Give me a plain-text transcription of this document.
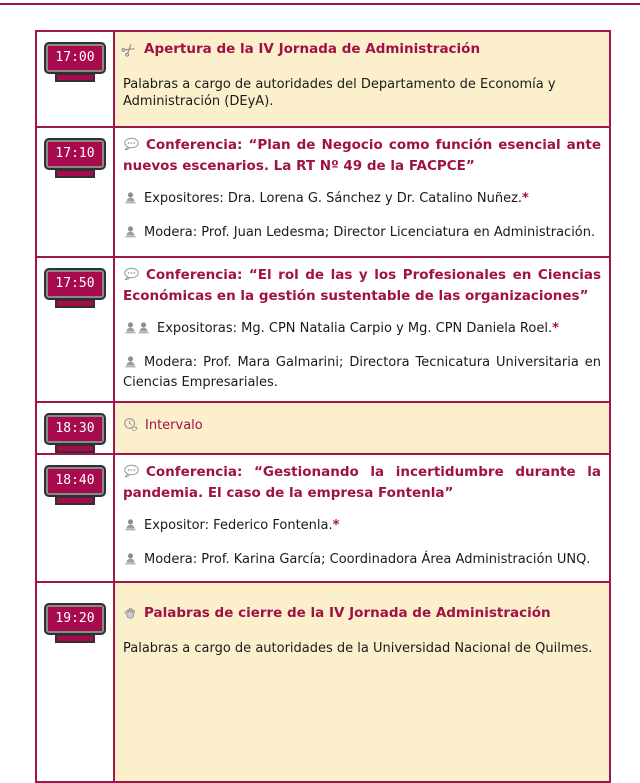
17:00	Apertura de la IV Jornada de Administración

Palabras a cargo de autoridades del Departamento de Economía y Administración (DEyA).

17:10	Conferencia: “Plan de Negocio como función esencial ante nuevos escenarios. La RT Nº 49 de la FACPCE”

Expositores: Dra. Lorena G. Sánchez y Dr. Catalino Nuñez.*

Modera: Prof. Juan Ledesma; Director Licenciatura en Administración.

17:50	Conferencia: “El rol de las y los Profesionales en Ciencias Económicas en la gestión sustentable de las organizaciones”

Expositoras: Mg. CPN Natalia Carpio y Mg. CPN Daniela Roel.*

Modera: Prof. Mara Galmarini; Directora Tecnicatura Universitaria en Ciencias Empresariales.

18:30	Intervalo

18:40	Conferencia: “Gestionando la incertidumbre durante la pandemia. El caso de la empresa Fontenla”

Expositor: Federico Fontenla.*

Modera: Prof. Karina García; Coordinadora Área Administración UNQ.

19:20	Palabras de cierre de la IV Jornada de Administración

Palabras a cargo de autoridades de la Universidad Nacional de Quilmes.
